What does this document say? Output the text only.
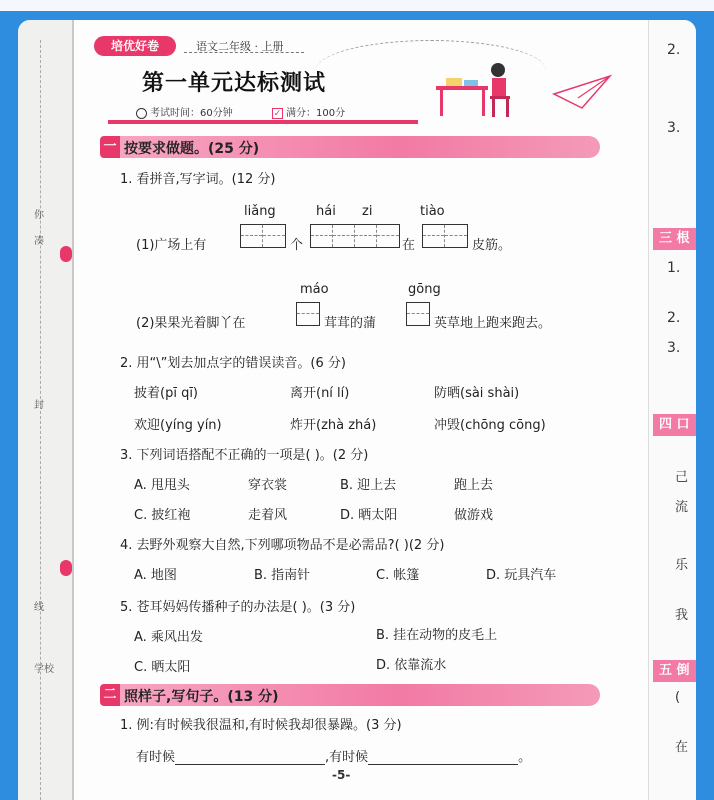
你
凑
封
线
学校
培优好卷	语文二年级 · 上册
第一单元达标测试
考试时间：60分钟	✓ 满分：100分
一 按要求做题。(25 分)
1. 看拼音,写字词。(12 分)
liǎng	hái zi	tiào
(1)广场上有	个	在	皮筋。
máo	gōng
(2)果果光着脚丫在	茸茸的蒲	英草地上跑来跑去。
2. 用“\”划去加点字的错误读音。(6 分)
披着(pī qī)	离开(ní lí)	防晒(sài shài)
欢迎(yíng yín)	炸开(zhà zhá)	冲毁(chōng cōng)
3. 下列词语搭配不正确的一项是( )。(2 分)
A. 甩甩头	穿衣裳	B. 迎上去	跑上去
C. 披红袍	走着风	D. 晒太阳	做游戏
4. 去野外观察大自然,下列哪项物品不是必需品?( )(2 分)
A. 地图	B. 指南针	C. 帐篷	D. 玩具汽车
5. 苍耳妈妈传播种子的办法是( )。(3 分)
A. 乘风出发	B. 挂在动物的皮毛上
C. 晒太阳	D. 依靠流水
二 照样子,写句子。(13 分)
1. 例:有时候我很温和,有时候我却很暴躁。(3 分)
有时候	,有时候	。
-5-
2.
3.
三 根
1.
2.
3.
四 口
己
流
乐
我
五 倒
(
在
